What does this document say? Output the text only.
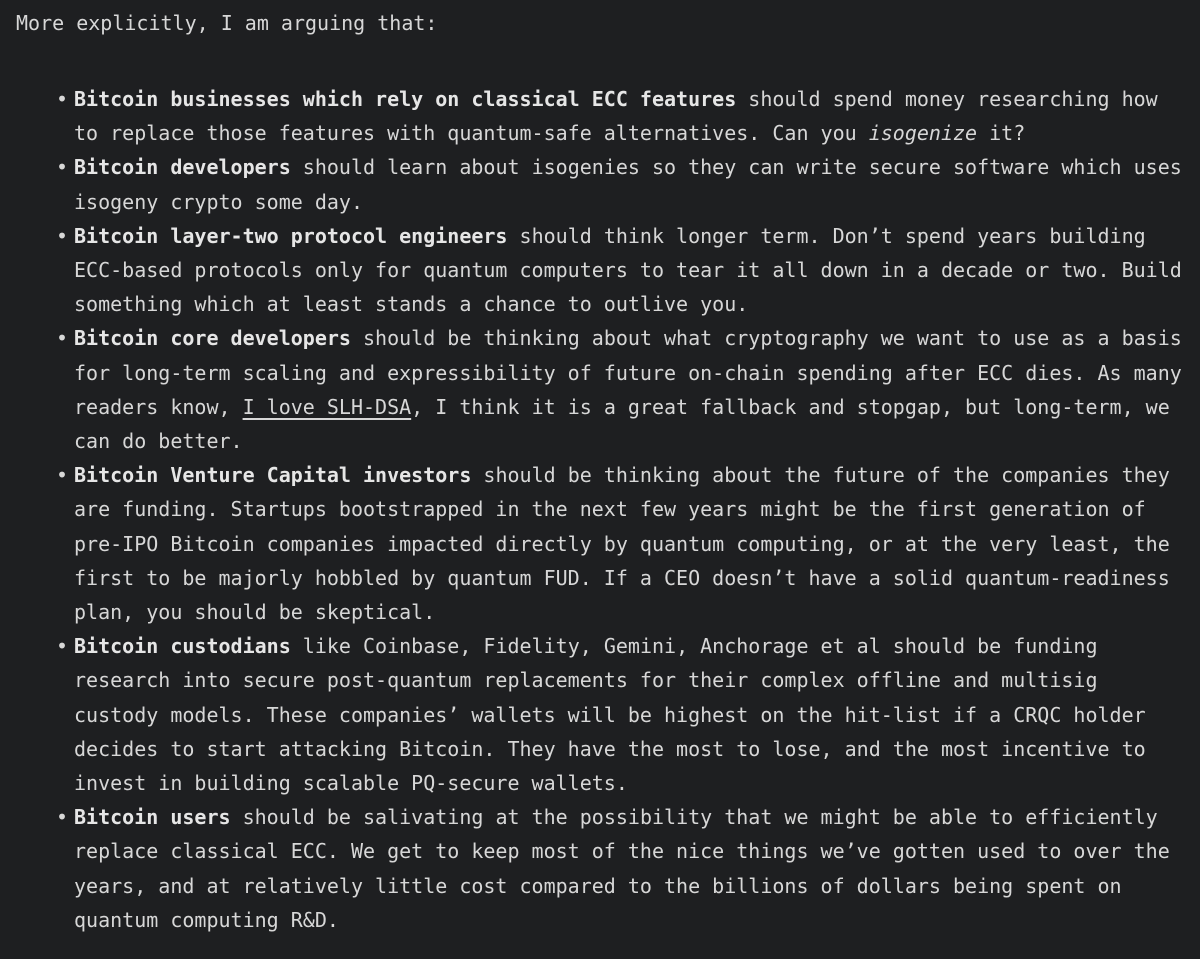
More explicitly, I am arguing that:

• Bitcoin businesses which rely on classical ECC features should spend money researching how to replace those features with quantum-safe alternatives. Can you isogenize it?
• Bitcoin developers should learn about isogenies so they can write secure software which uses isogeny crypto some day.
• Bitcoin layer-two protocol engineers should think longer term. Don’t spend years building ECC-based protocols only for quantum computers to tear it all down in a decade or two. Build something which at least stands a chance to outlive you.
• Bitcoin core developers should be thinking about what cryptography we want to use as a basis for long-term scaling and expressibility of future on-chain spending after ECC dies. As many readers know, I love SLH-DSA, I think it is a great fallback and stopgap, but long-term, we can do better.
• Bitcoin Venture Capital investors should be thinking about the future of the companies they are funding. Startups bootstrapped in the next few years might be the first generation of pre-IPO Bitcoin companies impacted directly by quantum computing, or at the very least, the first to be majorly hobbled by quantum FUD. If a CEO doesn’t have a solid quantum-readiness plan, you should be skeptical.
• Bitcoin custodians like Coinbase, Fidelity, Gemini, Anchorage et al should be funding research into secure post-quantum replacements for their complex offline and multisig custody models. These companies’ wallets will be highest on the hit-list if a CRQC holder decides to start attacking Bitcoin. They have the most to lose, and the most incentive to invest in building scalable PQ-secure wallets.
• Bitcoin users should be salivating at the possibility that we might be able to efficiently replace classical ECC. We get to keep most of the nice things we’ve gotten used to over the years, and at relatively little cost compared to the billions of dollars being spent on quantum computing R&D.
